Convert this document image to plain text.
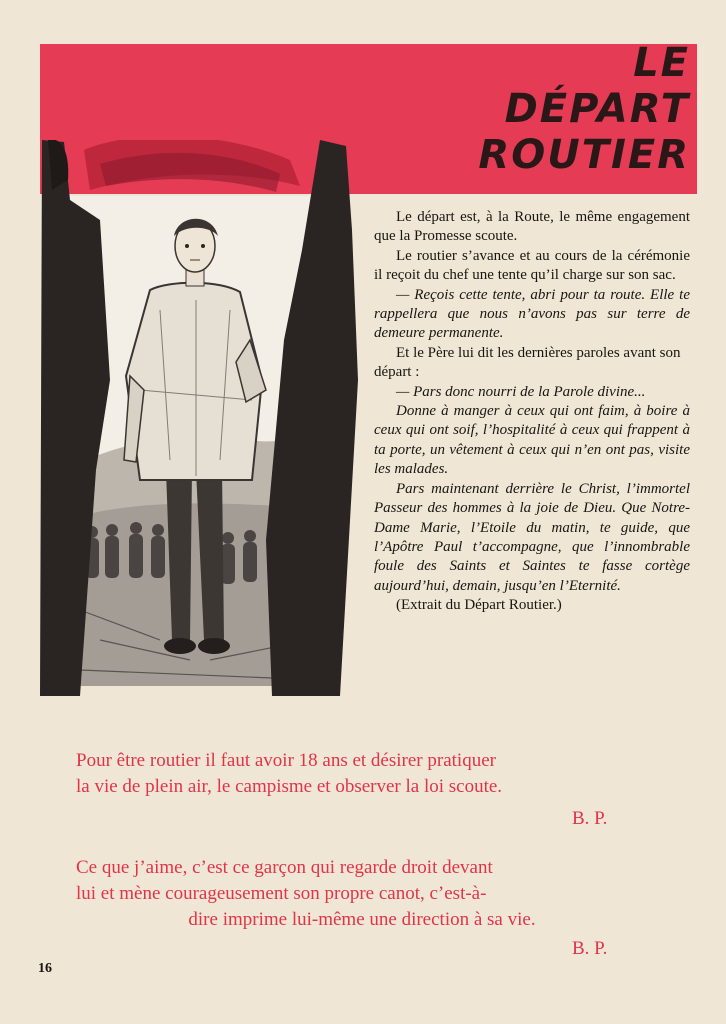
LE
DÉPART
ROUTIER

Le départ est, à la Route, le même engagement que la Promesse scoute.

Le routier s’avance et au cours de la cérémonie il reçoit du chef une tente qu’il charge sur son sac.

— Reçois cette tente, abri pour ta route. Elle te rappellera que nous n’avons pas sur terre de demeure permanente.

Et le Père lui dit les dernières paroles avant son départ :

— Pars donc nourri de la Parole divine...

Donne à manger à ceux qui ont faim, à boire à ceux qui ont soif, l’hospitalité à ceux qui frappent à ta porte, un vêtement à ceux qui n’en ont pas, visite les malades.

Pars maintenant derrière le Christ, l’immortel Passeur des hommes à la joie de Dieu. Que Notre-Dame Marie, l’Etoile du matin, te guide, que l’Apôtre Paul t’accompagne, que l’innombrable foule des Saints et Saintes te fasse cortège aujourd’hui, demain, jusqu’en l’Eternité.

(Extrait du Départ Routier.)

Pour être routier il faut avoir 18 ans et désirer pratiquer
la vie de plein air, le campisme et observer la loi scoute.
B. P.
Ce que j’aime, c’est ce garçon qui regarde droit devant
lui et mène courageusement son propre canot, c’est-à-
dire imprime lui-même une direction à sa vie.
B. P.
16
